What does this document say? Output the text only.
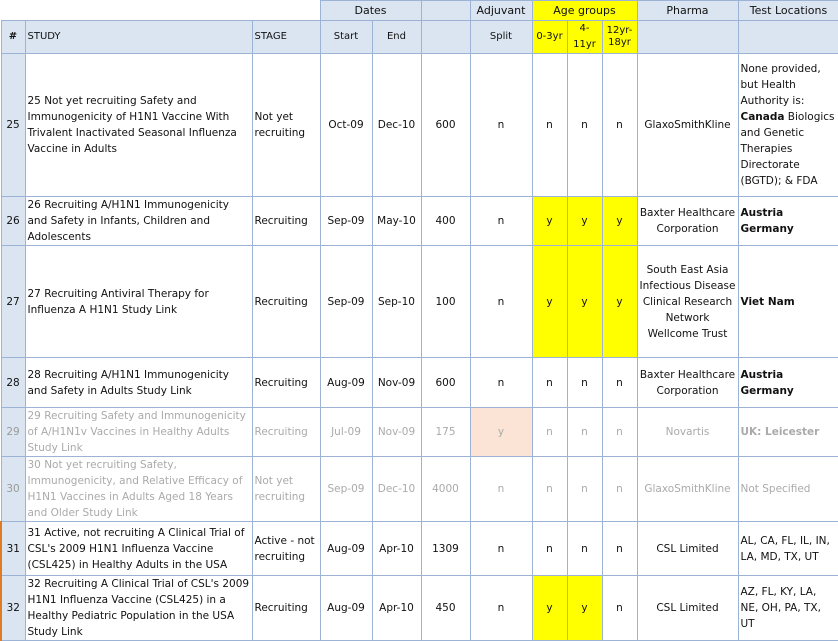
			Dates			Adjuvant	Age groups			Pharma	Test Locations
#	STUDY	STAGE	Start	End		Split	0-3yr	4-11yr	12yr-18yr		
25	25 Not yet recruiting Safety and Immunogenicity of H1N1 Vaccine With Trivalent Inactivated Seasonal Influenza Vaccine in Adults	Not yet recruiting	Oct-09	Dec-10	600	n	n	n	n	GlaxoSmithKline	None provided, but Health Authority is: Canada Biologics and Genetic Therapies Directorate (BGTD); & FDA
26	26 Recruiting A/H1N1 Immunogenicity and Safety in Infants, Children and Adolescents	Recruiting	Sep-09	May-10	400	n	y	y	y	Baxter Healthcare Corporation	Austria Germany
27	27 Recruiting Antiviral Therapy for Influenza A H1N1 Study Link	Recruiting	Sep-09	Sep-10	100	n	y	y	y	South East Asia Infectious Disease Clinical Research Network Wellcome Trust	Viet Nam
28	28 Recruiting A/H1N1 Immunogenicity and Safety in Adults Study Link	Recruiting	Aug-09	Nov-09	600	n	n	n	n	Baxter Healthcare Corporation	Austria Germany
29	29 Recruiting Safety and Immunogenicity of A/H1N1v Vaccines in Healthy Adults Study Link	Recruiting	Jul-09	Nov-09	175	y	n	n	n	Novartis	UK: Leicester
30	30 Not yet recruiting Safety, Immunogenicity, and Relative Efficacy of H1N1 Vaccines in Adults Aged 18 Years and Older Study Link	Not yet recruiting	Sep-09	Dec-10	4000	n	n	n	n	GlaxoSmithKline	Not Specified
31	31 Active, not recruiting A Clinical Trial of CSL's 2009 H1N1 Influenza Vaccine (CSL425) in Healthy Adults in the USA	Active - not recruiting	Aug-09	Apr-10	1309	n	n	n	n	CSL Limited	AL, CA, FL, IL, IN, LA, MD, TX, UT
32	32 Recruiting A Clinical Trial of CSL's 2009 H1N1 Influenza Vaccine (CSL425) in a Healthy Pediatric Population in the USA Study Link	Recruiting	Aug-09	Apr-10	450	n	y	y	n	CSL Limited	AZ, FL, KY, LA, NE, OH, PA, TX, UT
